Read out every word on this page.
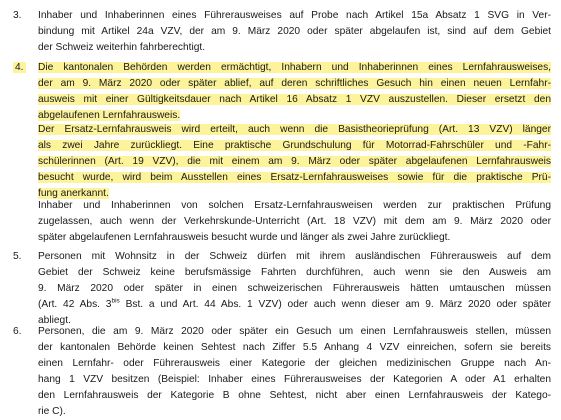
3. Inhaber und Inhaberinnen eines Führerausweises auf Probe nach Artikel 15a Absatz 1 SVG in Ver-
bindung mit Artikel 24a VZV, der am 9. März 2020 oder später abgelaufen ist, sind auf dem Gebiet
der Schweiz weiterhin fahrberechtigt.
4. Die kantonalen Behörden werden ermächtigt, Inhabern und Inhaberinnen eines Lernfahrausweises,
der am 9. März 2020 oder später ablief, auf deren schriftliches Gesuch hin einen neuen Lernfahr-
ausweis mit einer Gültigkeitsdauer nach Artikel 16 Absatz 1 VZV auszustellen. Dieser ersetzt den
abgelaufenen Lernfahrausweis.
Der Ersatz-Lernfahrausweis wird erteilt, auch wenn die Basistheorieprüfung (Art. 13 VZV) länger
als zwei Jahre zurückliegt. Eine praktische Grundschulung für Motorrad-Fahrschüler und -Fahr-
schülerinnen (Art. 19 VZV), die mit einem am 9. März oder später abgelaufenen Lernfahrausweis
besucht wurde, wird beim Ausstellen eines Ersatz-Lernfahrausweises sowie für die praktische Prü-
fung anerkannt.
Inhaber und Inhaberinnen von solchen Ersatz-Lernfahrausweisen werden zur praktischen Prüfung
zugelassen, auch wenn der Verkehrskunde-Unterricht (Art. 18 VZV) mit dem am 9. März 2020 oder
später abgelaufenen Lernfahrausweis besucht wurde und länger als zwei Jahre zurückliegt.
5. Personen mit Wohnsitz in der Schweiz dürfen mit ihrem ausländischen Führerausweis auf dem
Gebiet der Schweiz keine berufsmässige Fahrten durchführen, auch wenn sie den Ausweis am
9. März 2020 oder später in einen schweizerischen Führerausweis hätten umtauschen müssen
(Art. 42 Abs. $3^{bis}$ Bst. a und Art. 44 Abs. 1 VZV) oder auch wenn dieser am 9. März 2020 oder später
abliegt.
6. Personen, die am 9. März 2020 oder später ein Gesuch um einen Lernfahrausweis stellen, müssen
der kantonalen Behörde keinen Sehtest nach Ziffer 5.5 Anhang 4 VZV einreichen, sofern sie bereits
einen Lernfahr- oder Führerausweis einer Kategorie der gleichen medizinischen Gruppe nach An-
hang 1 VZV besitzen (Beispiel: Inhaber eines Führerausweises der Kategorien A oder A1 erhalten
den Lernfahrausweis der Kategorie B ohne Sehtest, nicht aber einen Lernfahrausweis der Katego-
rie C).
